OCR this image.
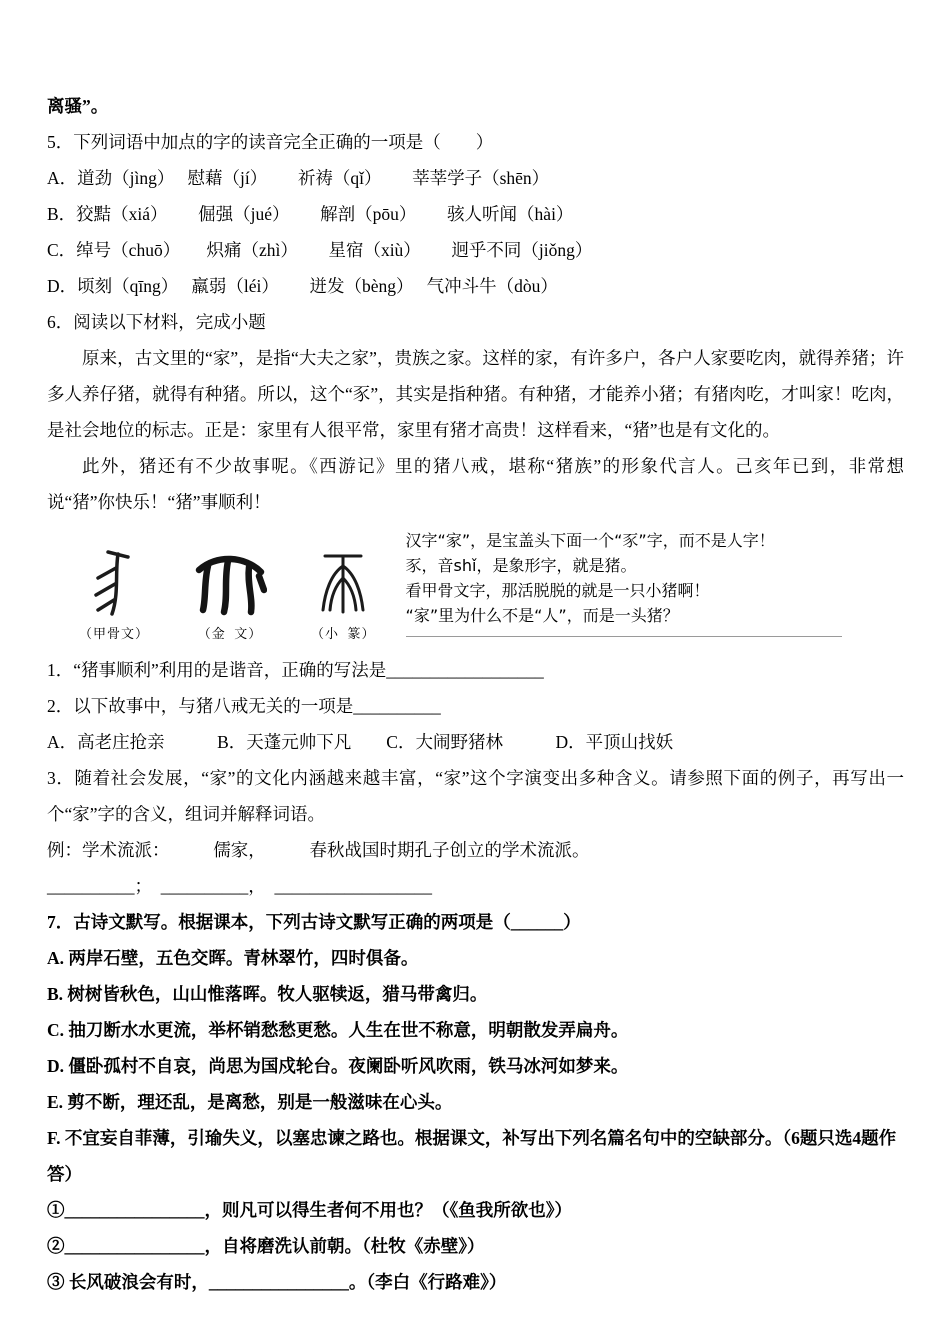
离骚”。

5．下列词语中加点的字的读音完全正确的一项是（　　）

A．道劲（jìng）　 慰藉（jí）　　 祈祷（qǐ）　　 莘莘学子（shēn）

B．狡黠（xiá）　　 倔强（jué）　　 解剖（pōu）　　 骇人听闻（hài）

C．绰号（chuō）　　炽痛（zhì）　　 星宿（xiù）　　 迥乎不同（jiǒng）

D．顷刻（qīng）　 羸弱（léi）　　 迸发（bèng）　 气冲斗牛（dòu）

6．阅读以下材料，完成小题

原来，古文里的“家”，是指“大夫之家”，贵族之家。这样的家，有许多户，各户人家要吃肉，就得养猪；许多人养仔猪，就得有种猪。所以，这个“豕”，其实是指种猪。有种猪，才能养小猪；有猪肉吃，才叫家！吃肉，是社会地位的标志。正是：家里有人很平常，家里有猪才高贵！这样看来，“猪”也是有文化的。

此外，猪还有不少故事呢。《西游记》里的猪八戒，堪称“猪族”的形象代言人。己亥年已到，非常想说“猪”你快乐！“猪”事顺利！

（甲骨文）	（金  文）	（小  篆）

汉字“家”，是宝盖头下面一个“豕”字，而不是人字！

豕，音shǐ，是象形字，就是猪。

看甲骨文字，那活脱脱的就是一只小猪啊！

“家”里为什么不是“人”，而是一头猪？

1．“猪事顺利”利用的是谐音，正确的写法是__________________

2．以下故事中，与猪八戒无关的一项是__________

A．高老庄抢亲　　　B．天蓬元帅下凡　　C．大闹野猪林　　　D．平顶山找妖

3．随着社会发展，“家”的文化内涵越来越丰富，“家”这个字演变出多种含义。请参照下面的例子，再写出一个“家”字的含义，组词并解释词语。

例：学术流派：　　　儒家，　　　春秋战国时期孔子创立的学术流派。

__________；　__________，　__________________

7．古诗文默写。根据课本，下列古诗文默写正确的两项是（______）

A. 两岸石壁，五色交晖。青林翠竹，四时俱备。

B. 树树皆秋色，山山惟落晖。牧人驱犊返，猎马带禽归。

C. 抽刀断水水更流，举杯销愁愁更愁。人生在世不称意，明朝散发弄扁舟。

D. 僵卧孤村不自哀，尚思为国戍轮台。夜阑卧听风吹雨，铁马冰河如梦来。

E. 剪不断，理还乱，是离愁，别是一般滋味在心头。

F. 不宜妄自菲薄，引瑜失义，以塞忠谏之路也。根据课文，补写出下列名篇名句中的空缺部分。（6题只选4题作答）

①________________，则凡可以得生者何不用也？（《鱼我所欲也》）

②________________，自将磨洗认前朝。（杜牧《赤壁》）

③ 长风破浪会有时，________________。（李白《行路难》）
